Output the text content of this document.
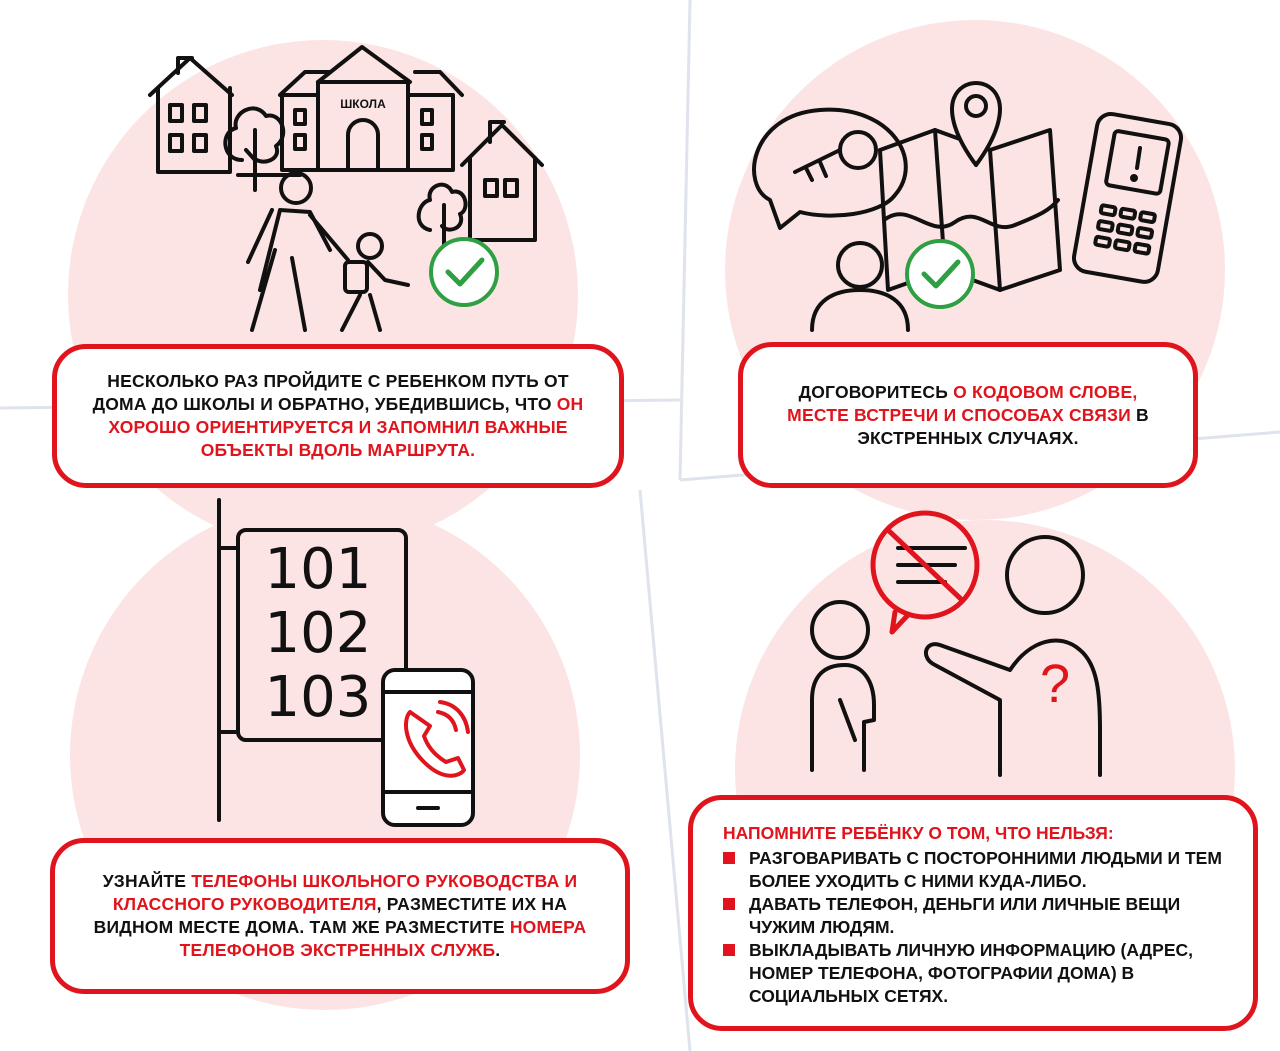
ШКОЛА
101
102
103	?

НЕСКОЛЬКО РАЗ ПРОЙДИТЕ С РЕБЕНКОМ ПУТЬ ОТ ДОМА ДО ШКОЛЫ И ОБРАТНО, УБЕДИВШИСЬ, ЧТО ОН ХОРОШО ОРИЕНТИРУЕТСЯ И ЗАПОМНИЛ ВАЖНЫЕ ОБЪЕКТЫ ВДОЛЬ МАРШРУТА.

ДОГОВОРИТЕСЬ О КОДОВОМ СЛОВЕ, МЕСТЕ ВСТРЕЧИ И СПОСОБАХ СВЯЗИ В ЭКСТРЕННЫХ СЛУЧАЯХ.

УЗНАЙТЕ ТЕЛЕФОНЫ ШКОЛЬНОГО РУКОВОДСТВА И КЛАССНОГО РУКОВОДИТЕЛЯ, РАЗМЕСТИТЕ ИХ НА ВИДНОМ МЕСТЕ ДОМА. ТАМ ЖЕ РАЗМЕСТИТЕ НОМЕРА ТЕЛЕФОНОВ ЭКСТРЕННЫХ СЛУЖБ.

НАПОМНИТЕ РЕБЁНКУ О ТОМ, ЧТО НЕЛЬЗЯ:
РАЗГОВАРИВАТЬ С ПОСТОРОННИМИ ЛЮДЬМИ И ТЕМ БОЛЕЕ УХОДИТЬ С НИМИ КУДА-ЛИБО.
ДАВАТЬ ТЕЛЕФОН, ДЕНЬГИ ИЛИ ЛИЧНЫЕ ВЕЩИ ЧУЖИМ ЛЮДЯМ.
ВЫКЛАДЫВАТЬ ЛИЧНУЮ ИНФОРМАЦИЮ (АДРЕС, НОМЕР ТЕЛЕФОНА, ФОТОГРАФИИ ДОМА) В СОЦИАЛЬНЫХ СЕТЯХ.
